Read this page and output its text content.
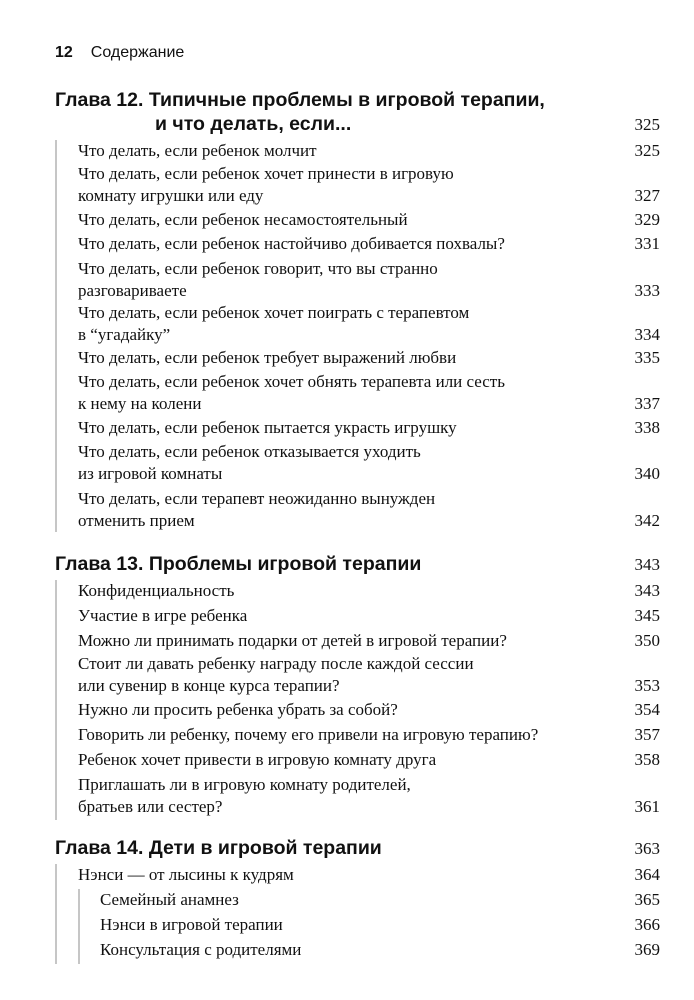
12 Содержание
Глава 12. Типичные проблемы в игровой терапии,
и что делать, если...	325
Что делать, если ребенок молчит	325
Что делать, если ребенок хочет принести в игровую
комнату игрушки или еду	327
Что делать, если ребенок несамостоятельный	329
Что делать, если ребенок настойчиво добивается похвалы?	331
Что делать, если ребенок говорит, что вы странно
разговариваете	333
Что делать, если ребенок хочет поиграть с терапевтом
в “угадайку”	334
Что делать, если ребенок требует выражений любви	335
Что делать, если ребенок хочет обнять терапевта или сесть
к нему на колени	337
Что делать, если ребенок пытается украсть игрушку	338
Что делать, если ребенок отказывается уходить
из игровой комнаты	340
Что делать, если терапевт неожиданно вынужден
отменить прием	342
Глава 13. Проблемы игровой терапии	343
Конфиденциальность	343
Участие в игре ребенка	345
Можно ли принимать подарки от детей в игровой терапии?	350
Стоит ли давать ребенку награду после каждой сессии
или сувенир в конце курса терапии?	353
Нужно ли просить ребенка убрать за собой?	354
Говорить ли ребенку, почему его привели на игровую терапию?	357
Ребенок хочет привести в игровую комнату друга	358
Приглашать ли в игровую комнату родителей,
братьев или сестер?	361
Глава 14. Дети в игровой терапии	363
Нэнси — от лысины к кудрям	364
Семейный анамнез	365
Нэнси в игровой терапии	366
Консультация с родителями	369
